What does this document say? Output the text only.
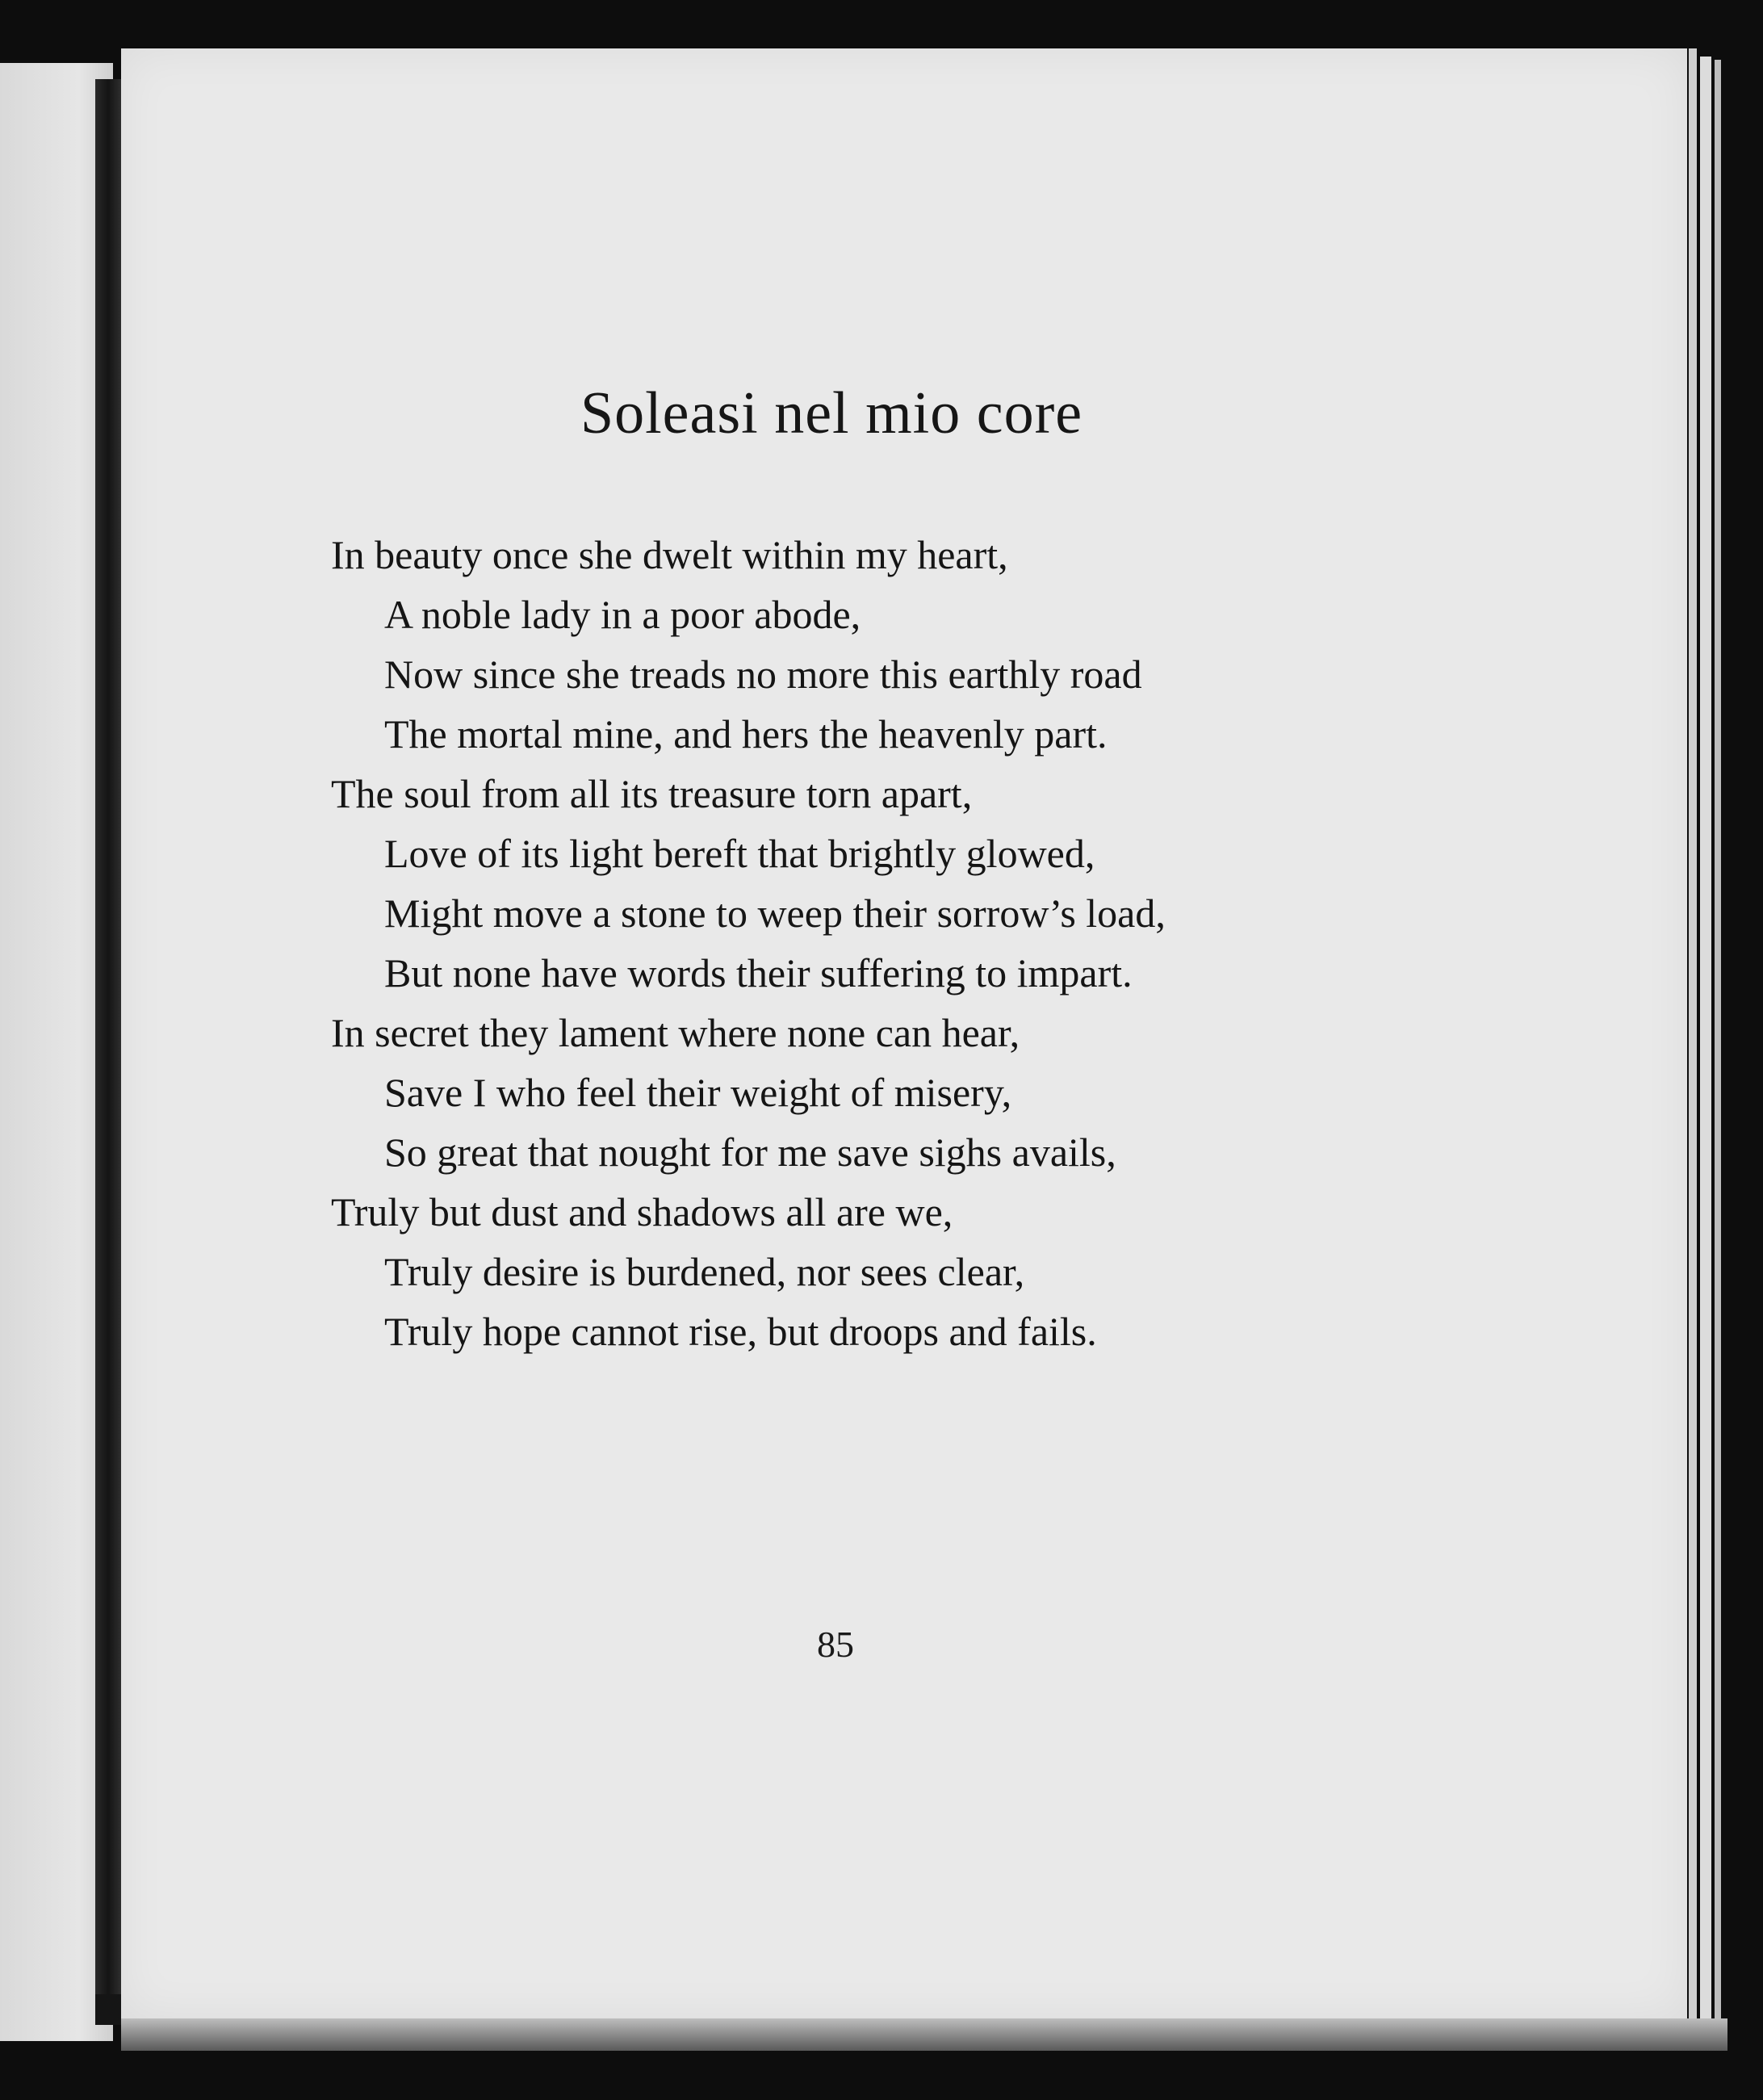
Soleasi nel mio core
In beauty once she dwelt within my heart,
A noble lady in a poor abode,
Now since she treads no more this earthly road
The mortal mine, and hers the heavenly part.
The soul from all its treasure torn apart,
Love of its light bereft that brightly glowed,
Might move a stone to weep their sorrow’s load,
But none have words their suffering to impart.
In secret they lament where none can hear,
Save I who feel their weight of misery,
So great that nought for me save sighs avails,
Truly but dust and shadows all are we,
Truly desire is burdened, nor sees clear,
Truly hope cannot rise, but droops and fails.
85
